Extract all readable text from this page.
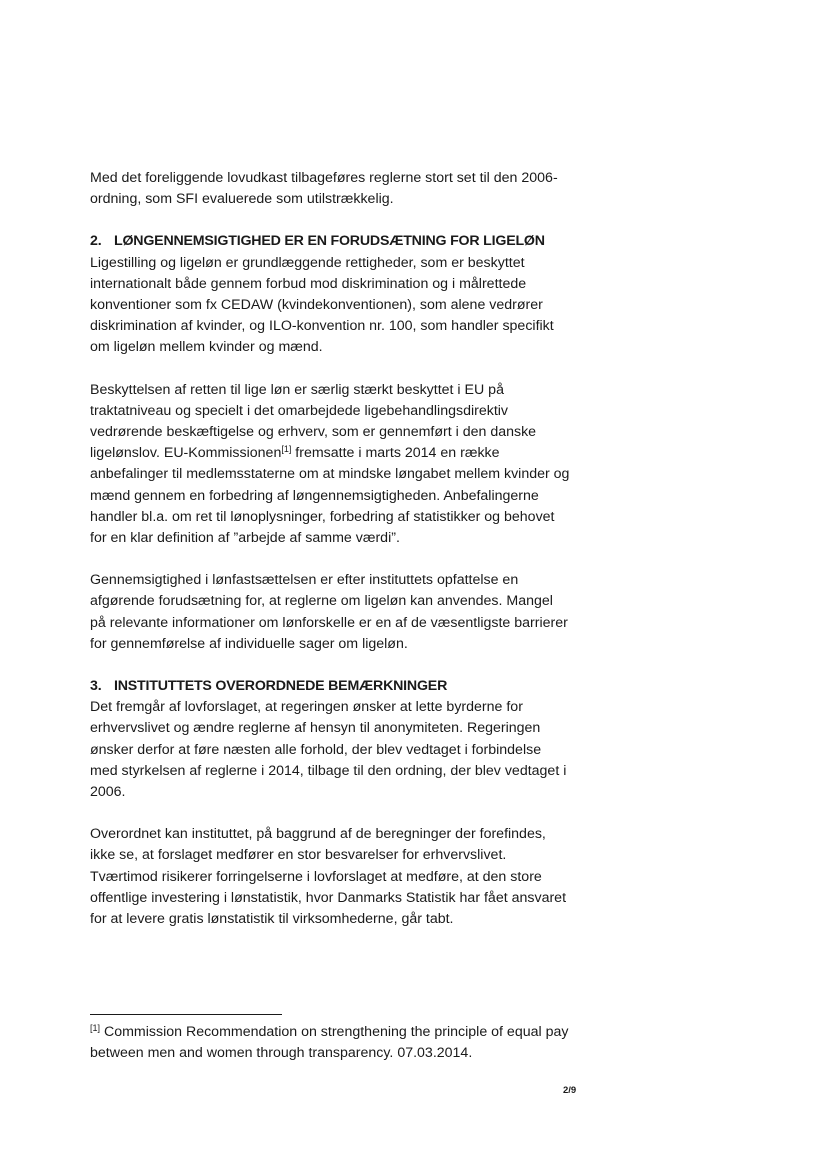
Med det foreliggende lovudkast tilbageføres reglerne stort set til den 2006-ordning, som SFI evaluerede som utilstrækkelig.

2. LØNGENNEMSIGTIGHED ER EN FORUDSÆTNING FOR LIGELØN

Ligestilling og ligeløn er grundlæggende rettigheder, som er beskyttet internationalt både gennem forbud mod diskrimination og i målrettede konventioner som fx CEDAW (kvindekonventionen), som alene vedrører diskrimination af kvinder, og ILO-konvention nr. 100, som handler specifikt om ligeløn mellem kvinder og mænd.

Beskyttelsen af retten til lige løn er særlig stærkt beskyttet i EU på traktatniveau og specielt i det omarbejdede ligebehandlingsdirektiv vedrørende beskæftigelse og erhverv, som er gennemført i den danske ligelønslov. EU-Kommissionen[1] fremsatte i marts 2014 en række anbefalinger til medlemsstaterne om at mindske løngabet mellem kvinder og mænd gennem en forbedring af løngennemsigtigheden. Anbefalingerne handler bl.a. om ret til lønoplysninger, forbedring af statistikker og behovet for en klar definition af ”arbejde af samme værdi”.

Gennemsigtighed i lønfastsættelsen er efter instituttets opfattelse en afgørende forudsætning for, at reglerne om ligeløn kan anvendes. Mangel på relevante informationer om lønforskelle er en af de væsentligste barrierer for gennemførelse af individuelle sager om ligeløn.

3. INSTITUTTETS OVERORDNEDE BEMÆRKNINGER

Det fremgår af lovforslaget, at regeringen ønsker at lette byrderne for erhvervslivet og ændre reglerne af hensyn til anonymiteten. Regeringen ønsker derfor at føre næsten alle forhold, der blev vedtaget i forbindelse med styrkelsen af reglerne i 2014, tilbage til den ordning, der blev vedtaget i 2006.

Overordnet kan instituttet, på baggrund af de beregninger der forefindes, ikke se, at forslaget medfører en stor besvarelser for erhvervslivet. Tværtimod risikerer forringelserne i lovforslaget at medføre, at den store offentlige investering i lønstatistik, hvor Danmarks Statistik har fået ansvaret for at levere gratis lønstatistik til virksomhederne, går tabt.

[1] Commission Recommendation on strengthening the principle of equal pay between men and women through transparency. 07.03.2014.
2/9
